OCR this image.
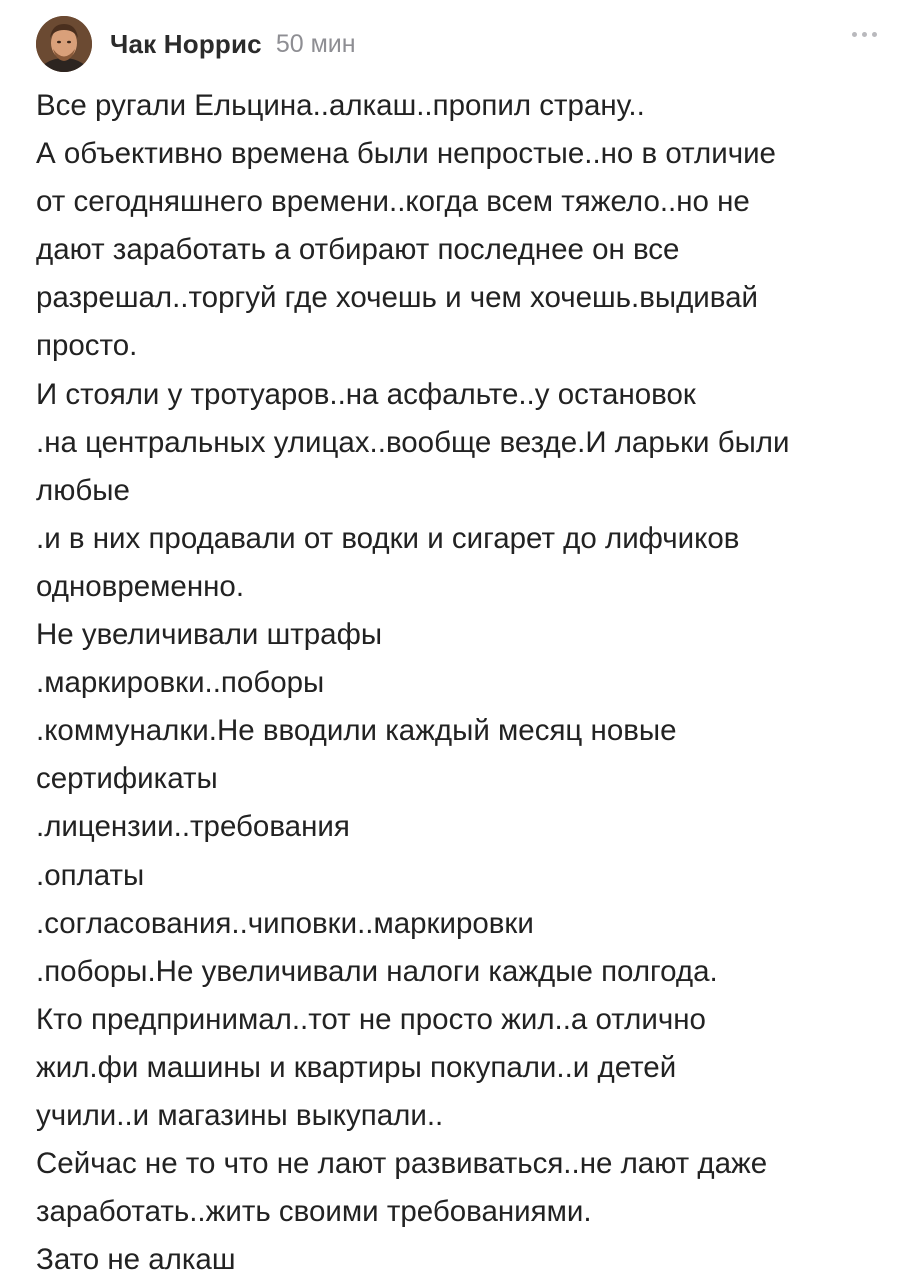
Чак Норрис 50 мин
Все ругали Ельцина..алкаш..пропил страну..
А объективно времена были непростые..но в отличие
от сегодняшнего времени..когда всем тяжело..но не
дают заработать а отбирают последнее он все
разрешал..торгуй где хочешь и чем хочешь.выдивай
просто.
И стояли у тротуаров..на асфальте..у остановок
.на центральных улицах..вообще везде.И ларьки были
любые
.и в них продавали от водки и сигарет до лифчиков
одновременно.
Не увеличивали штрафы
.маркировки..поборы
.коммуналки.Не вводили каждый месяц новые
сертификаты
.лицензии..требования
.оплаты
.согласования..чиповки..маркировки
.поборы.Не увеличивали налоги каждые полгода.
Кто предпринимал..тот не просто жил..а отлично
жил.фи машины и квартиры покупали..и детей
учили..и магазины выкупали..
Сейчас не то что не лают развиваться..не лают даже
заработать..жить своими требованиями.
Зато не алкаш
